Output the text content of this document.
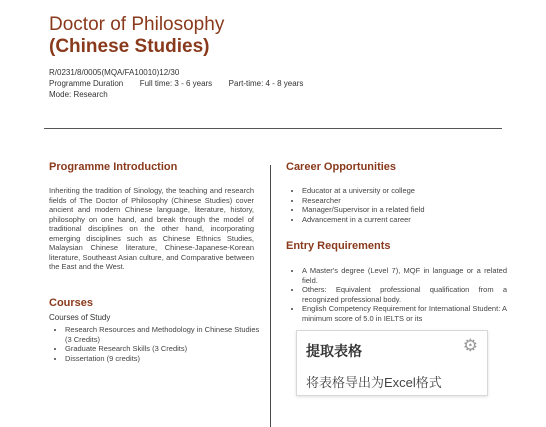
Doctor of Philosophy
(Chinese Studies)
R/0231/8/0005(MQA/FA10010)12/30
Programme Duration Full time: 3 - 6 years Part-time: 4 - 8 years
Mode: Research
Programme Introduction
Inheriting the tradition of Sinology, the teaching and research fields of The Doctor of Philosophy (Chinese Studies) cover ancient and modern Chinese language, literature, history, philosophy on one hand, and break through the model of traditional disciplines on the other hand, incorporating emerging disciplines such as Chinese Ethnics Studies, Malaysian Chinese literature, Chinese-Japanese-Korean literature, Southeast Asian culture, and Comparative between the East and the West.
Courses
Courses of Study
• Research Resources and Methodology in Chinese Studies (3 Credits)
• Graduate Research Skills (3 Credits)
• Dissertation (9 credits)
Career Opportunities
• Educator at a university or college
• Researcher
• Manager/Supervisor in a related field
• Advancement in a current career
Entry Requirements
• A Master's degree (Level 7), MQF in language or a related field.
• Others: Equivalent professional qualification from a recognized professional body.
• English Competency Requirement for International Student: A minimum score of 5.0 in IELTS or its
提取表格	⚙
将表格导出为Excel格式
